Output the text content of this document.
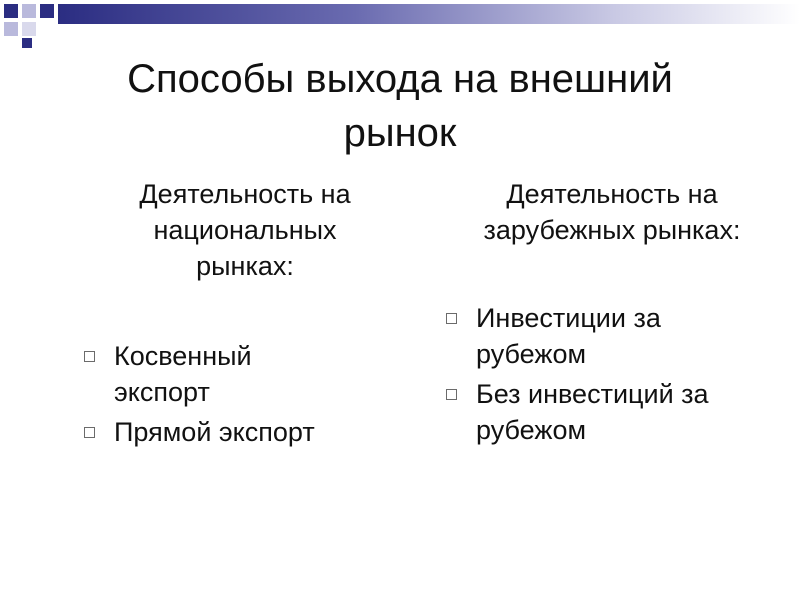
Способы выхода на внешний
рынок

Деятельность на
национальных
рынках:

Косвенный
экспорт
Прямой экспорт

Деятельность на
зарубежных рынках:

Инвестиции за
рубежом
Без инвестиций за
рубежом
